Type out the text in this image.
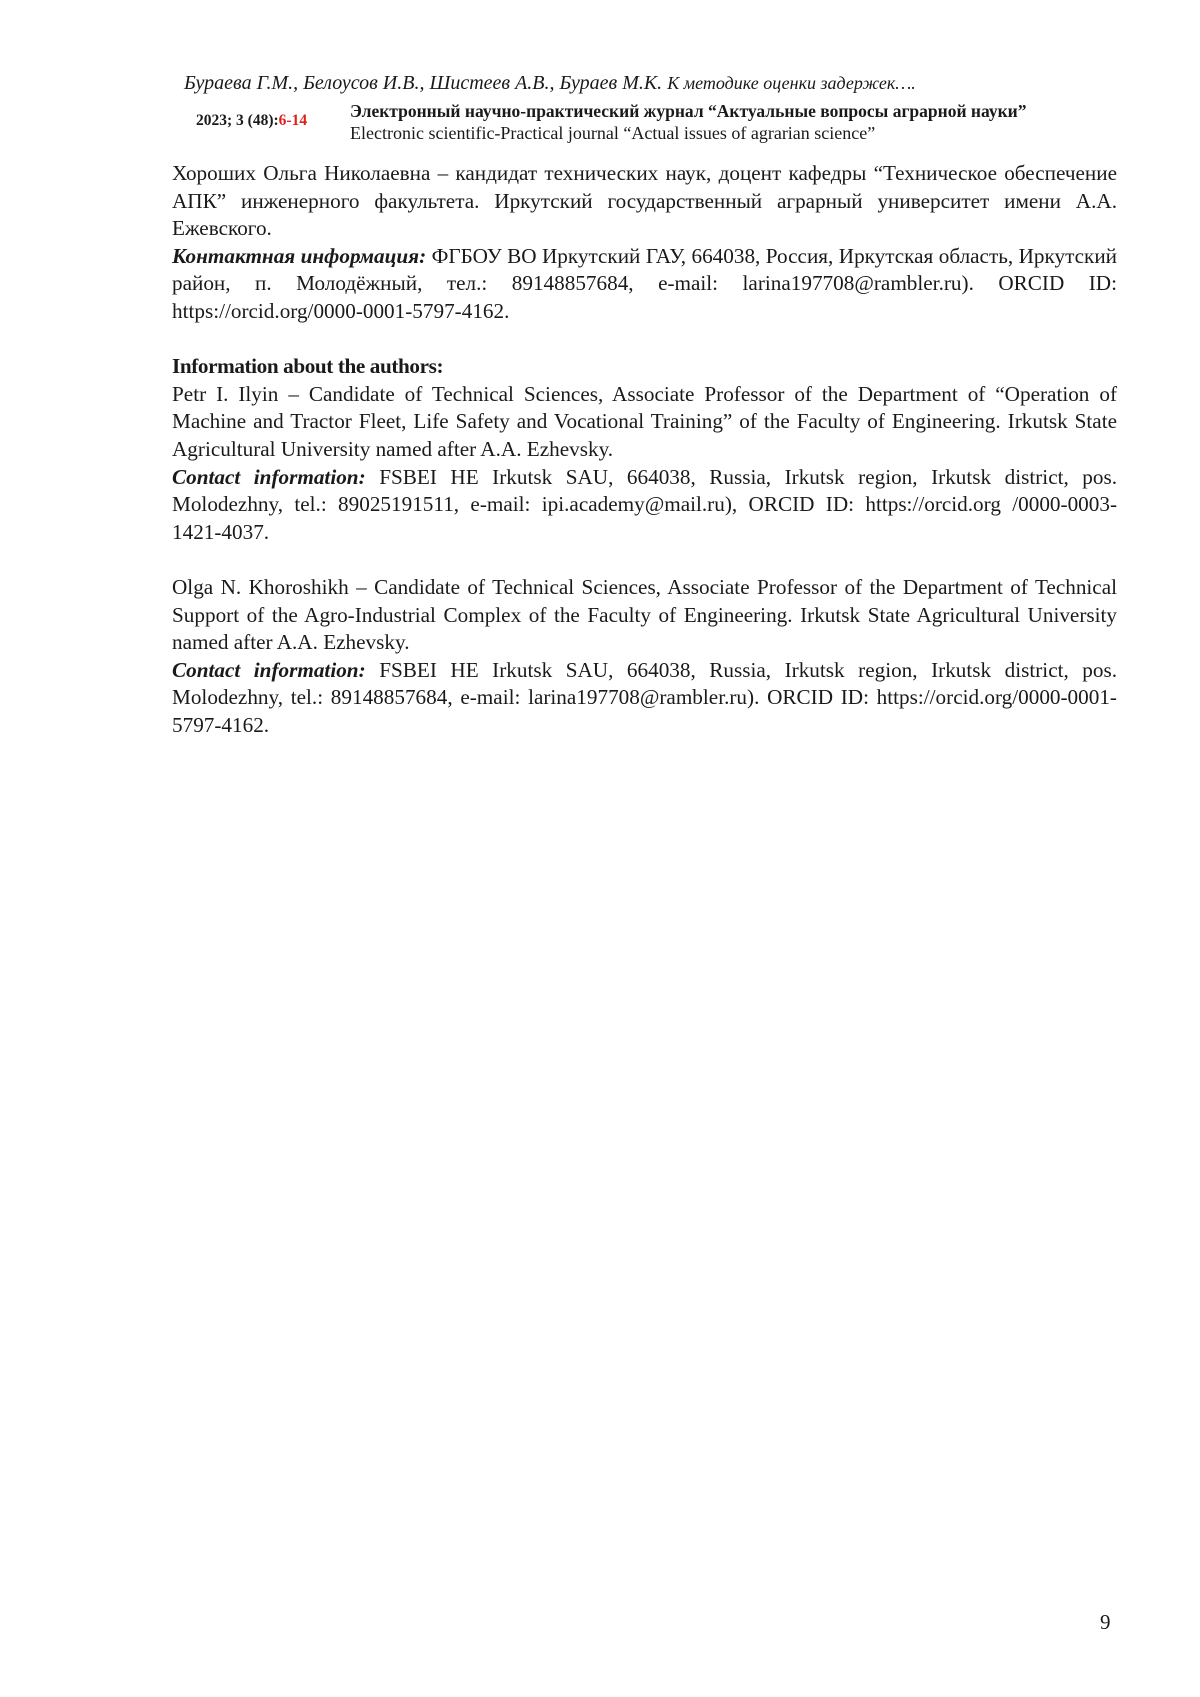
Бураева Г.М., Белоусов И.В., Шистеев А.В., Бураев М.К. К методике оценки задержек….
2023; 3 (48):6-14 Электронный научно-практический журнал “Актуальные вопросы аграрной науки”
Electronic scientific-Practical journal “Actual issues of agrarian science”

Хороших Ольга Николаевна – кандидат технических наук, доцент кафедры “Техническое обеспечение АПК” инженерного факультета. Иркутский государственный аграрный университет имени А.А. Ежевского.

Контактная информация: ФГБОУ ВО Иркутский ГАУ, 664038, Россия, Иркутская область, Иркутский район, п. Молодёжный, тел.: 89148857684, e-mail: larina197708@rambler.ru). ORCID ID: https://orcid.org/0000-0001-5797-4162.

Information about the authors:

Petr I. Ilyin – Candidate of Technical Sciences, Associate Professor of the Department of “Operation of Machine and Tractor Fleet, Life Safety and Vocational Training” of the Faculty of Engineering. Irkutsk State Agricultural University named after A.A. Ezhevsky.

Contact information: FSBEI HE Irkutsk SAU, 664038, Russia, Irkutsk region, Irkutsk district, pos. Molodezhny, tel.: 89025191511, e-mail: ipi.academy@mail.ru), ORCID ID: https://orcid.org /0000-0003-1421-4037.

Olga N. Khoroshikh – Candidate of Technical Sciences, Associate Professor of the Department of Technical Support of the Agro-Industrial Complex of the Faculty of Engineering. Irkutsk State Agricultural University named after A.A. Ezhevsky.

Contact information: FSBEI HE Irkutsk SAU, 664038, Russia, Irkutsk region, Irkutsk district, pos. Molodezhny, tel.: 89148857684, e-mail: larina197708@rambler.ru). ORCID ID: https://orcid.org/0000-0001-5797-4162.

9
